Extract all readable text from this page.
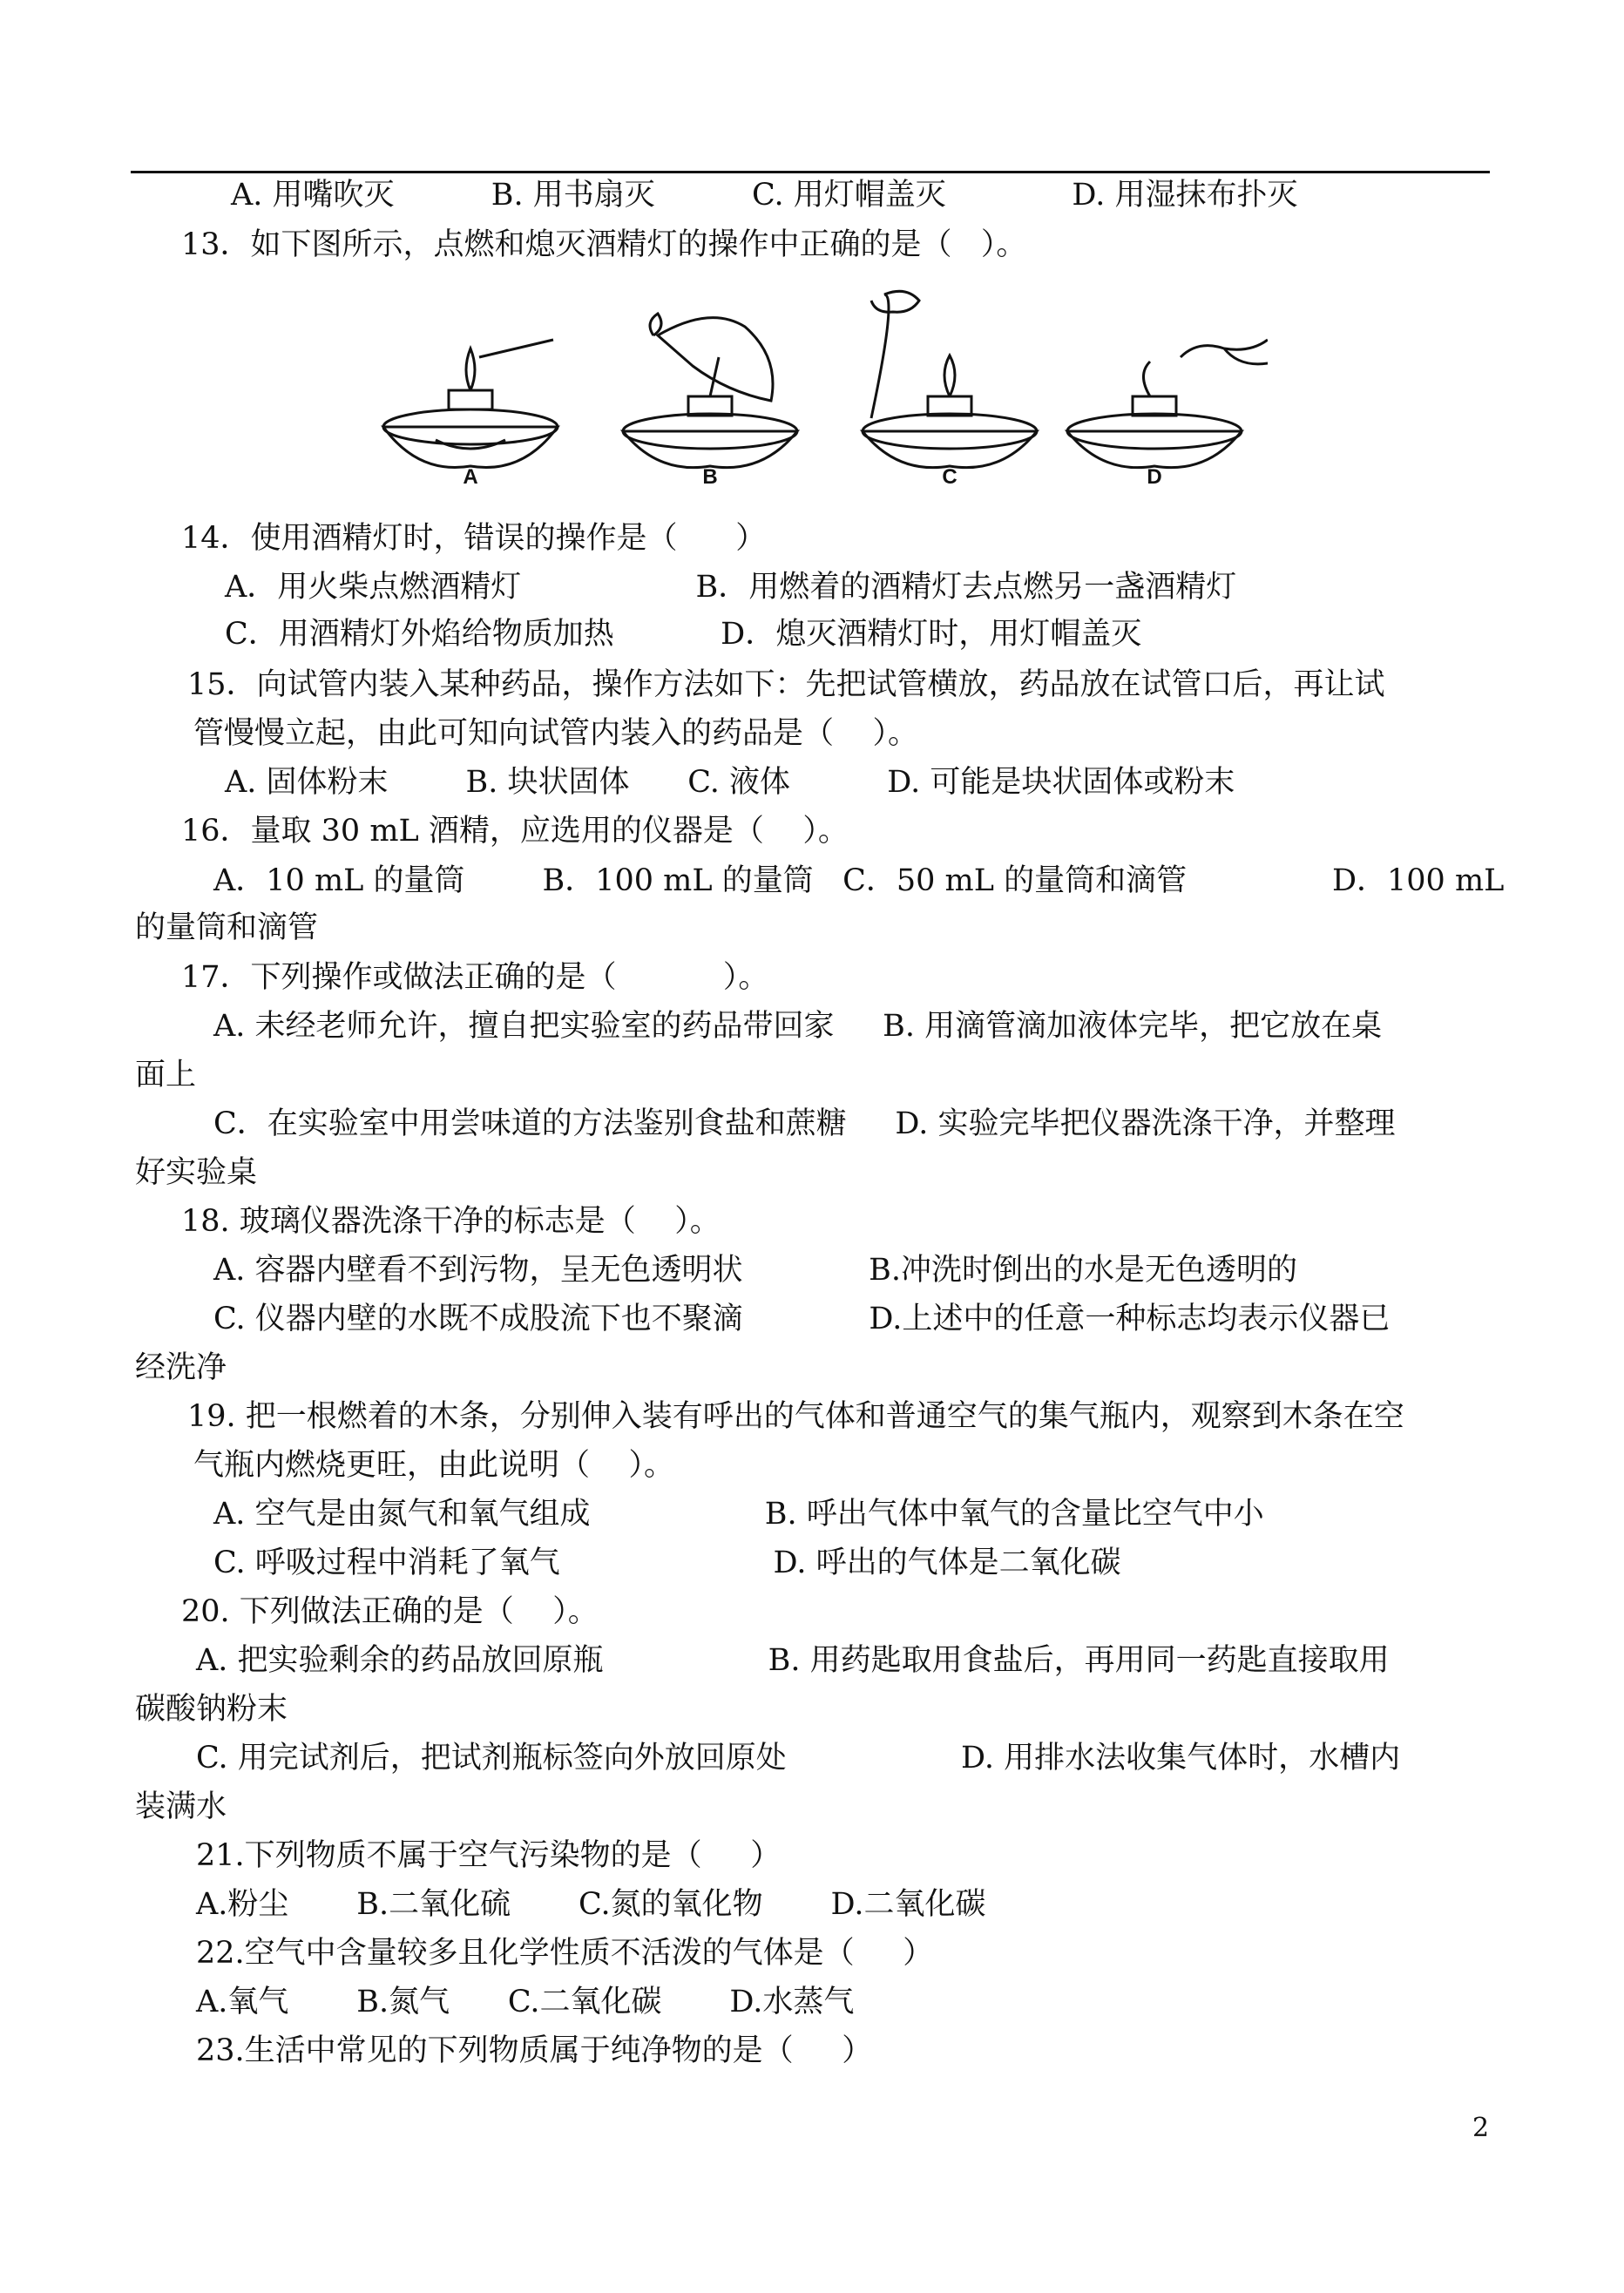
A. 用嘴吹灭          B. 用书扇灭          C. 用灯帽盖灭             D. 用湿抹布扑灭
13．如下图所示，点燃和熄灭酒精灯的操作中正确的是（   ）。
A	B	C	D
14．使用酒精灯时，错误的操作是（      ）
A．用火柴点燃酒精灯                  B．用燃着的酒精灯去点燃另一盏酒精灯
C．用酒精灯外焰给物质加热           D．熄灭酒精灯时，用灯帽盖灭
15．向试管内装入某种药品，操作方法如下：先把试管横放，药品放在试管口后，再让试
管慢慢立起，由此可知向试管内装入的药品是（    ）。
A. 固体粉末        B. 块状固体      C. 液体          D. 可能是块状固体或粉末
16．量取 30 mL 酒精，应选用的仪器是（    ）。
A．10 mL 的量筒        B．100 mL 的量筒   C．50 mL 的量筒和滴管               D．100 mL
的量筒和滴管
17．下列操作或做法正确的是（           ）。
A. 未经老师允许，擅自把实验室的药品带回家     B. 用滴管滴加液体完毕，把它放在桌
面上
C．在实验室中用尝味道的方法鉴别食盐和蔗糖     D. 实验完毕把仪器洗涤干净，并整理
好实验桌
18. 玻璃仪器洗涤干净的标志是（    ）。
A. 容器内壁看不到污物，呈无色透明状             B.冲洗时倒出的水是无色透明的
C. 仪器内壁的水既不成股流下也不聚滴             D.上述中的任意一种标志均表示仪器已
经洗净
19. 把一根燃着的木条，分别伸入装有呼出的气体和普通空气的集气瓶内，观察到木条在空
气瓶内燃烧更旺，由此说明（    ）。
A. 空气是由氮气和氧气组成                  B. 呼出气体中氧气的含量比空气中小
C. 呼吸过程中消耗了氧气                      D. 呼出的气体是二氧化碳
20. 下列做法正确的是（    ）。
A. 把实验剩余的药品放回原瓶                 B. 用药匙取用食盐后，再用同一药匙直接取用
碳酸钠粉末
C. 用完试剂后，把试剂瓶标签向外放回原处                  D. 用排水法收集气体时，水槽内
装满水
21.下列物质不属于空气污染物的是（     ）
A.粉尘       B.二氧化硫       C.氮的氧化物       D.二氧化碳
22.空气中含量较多且化学性质不活泼的气体是（     ）
A.氧气       B.氮气      C.二氧化碳       D.水蒸气
23.生活中常见的下列物质属于纯净物的是（     ）
2
